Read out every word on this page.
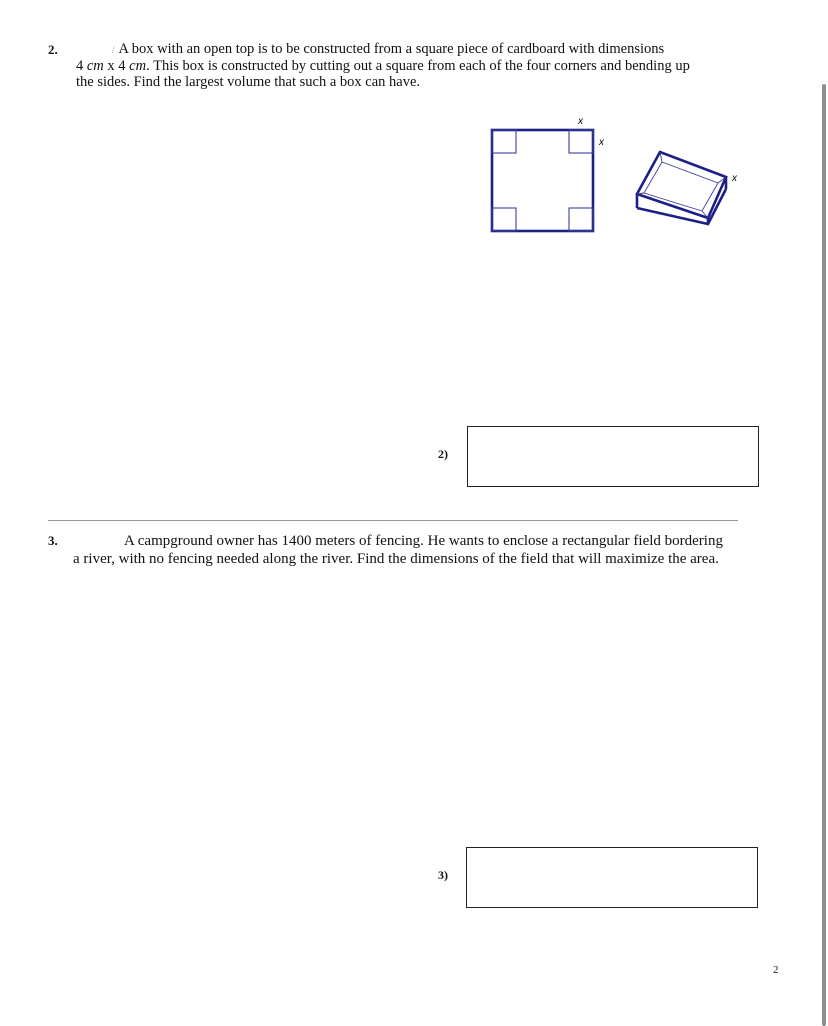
2.	/ A box with an open top is to be constructed from a square piece of cardboard with dimensions
4 cm x 4 cm. This box is constructed by cutting out a square from each of the four corners and bending up
the sides. Find the largest volume that such a box can have.
x
x
x
2)
3.	A campground owner has 1400 meters of fencing. He wants to enclose a rectangular field bordering
a river, with no fencing needed along the river. Find the dimensions of the field that will maximize the area.
3)
2
